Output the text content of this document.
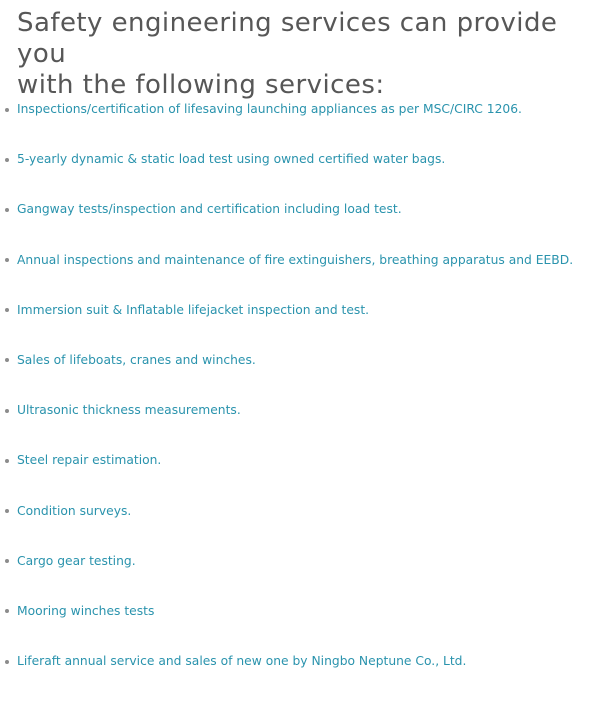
Safety engineering services can provide you
with the following services:
Inspections/certification of lifesaving launching appliances as per MSC/CIRC 1206.
5-yearly dynamic & static load test using owned certified water bags.
Gangway tests/inspection and certification including load test.
Annual inspections and maintenance of fire extinguishers, breathing apparatus and EEBD.
Immersion suit & Inflatable lifejacket inspection and test.
Sales of lifeboats, cranes and winches.
Ultrasonic thickness measurements.
Steel repair estimation.
Condition surveys.
Cargo gear testing.
Mooring winches tests
Liferaft annual service and sales of new one by Ningbo Neptune Co., Ltd.
